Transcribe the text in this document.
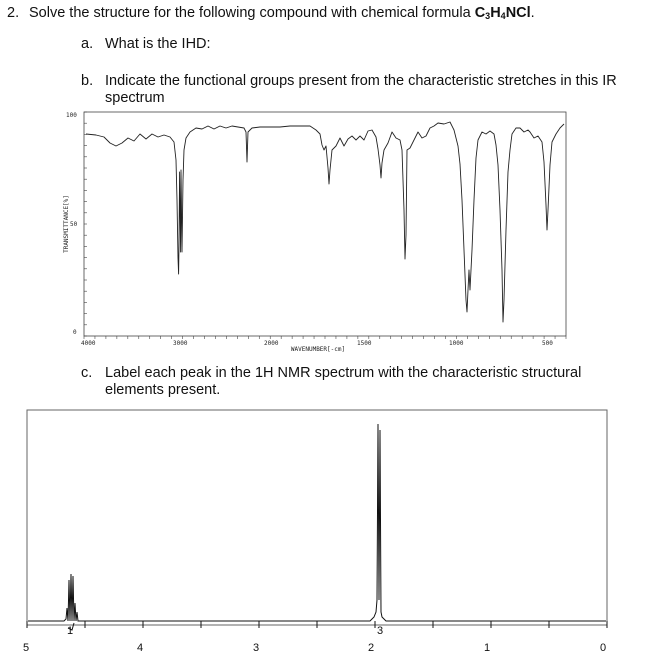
2. Solve the structure for the following compound with chemical formula $C_3H_4NCl$.
a. What is the IHD:
b. Indicate the functional groups present from the characteristic stretches in this IR
spectrum
c. Label each peak in the 1H NMR spectrum with the characteristic structural
elements present.
100
50
0
TRANSMITTANCE[%]
4000	3000	2000	1500	1000	500
WAVENUMBER[-cm]
1	3
5	4	3	2	1	0
